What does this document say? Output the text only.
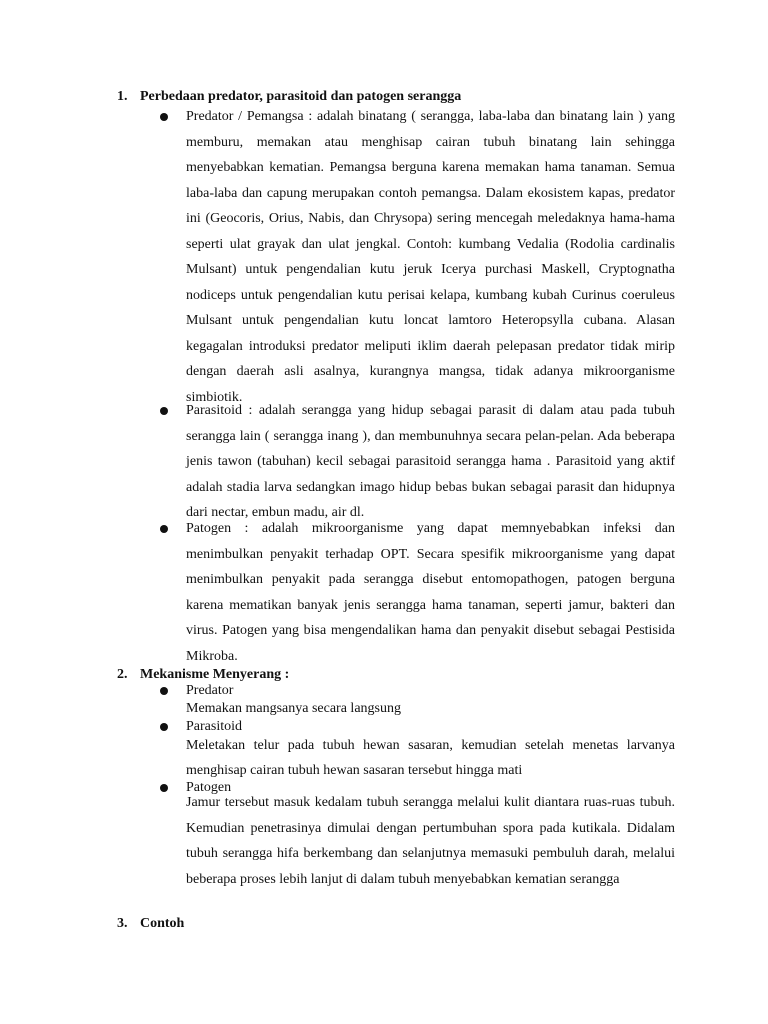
1. Perbedaan predator, parasitoid dan patogen serangga

Predator / Pemangsa : adalah binatang ( serangga, laba-laba dan binatang lain ) yang memburu, memakan atau menghisap cairan tubuh binatang lain sehingga menyebabkan kematian. Pemangsa berguna karena memakan hama tanaman. Semua laba-laba dan capung merupakan contoh pemangsa. Dalam ekosistem kapas, predator ini (Geocoris, Orius, Nabis, dan Chrysopa) sering mencegah meledaknya hama-hama seperti ulat grayak dan ulat jengkal. Contoh: kumbang Vedalia (Rodolia cardinalis Mulsant) untuk pengendalian kutu jeruk Icerya purchasi Maskell, Cryptognatha nodiceps untuk pengendalian kutu perisai kelapa, kumbang kubah Curinus coeruleus Mulsant untuk pengendalian kutu loncat lamtoro Heteropsylla cubana. Alasan kegagalan introduksi predator meliputi iklim daerah pelepasan predator tidak mirip dengan daerah asli asalnya, kurangnya mangsa, tidak adanya mikroorganisme simbiotik.

Parasitoid : adalah serangga yang hidup sebagai parasit di dalam atau pada tubuh serangga lain ( serangga inang ), dan membunuhnya secara pelan-pelan. Ada beberapa jenis tawon (tabuhan) kecil sebagai parasitoid serangga hama . Parasitoid yang aktif adalah stadia larva sedangkan imago hidup bebas bukan sebagai parasit dan hidupnya dari nectar, embun madu, air dl.

Patogen : adalah mikroorganisme yang dapat memnyebabkan infeksi dan menimbulkan penyakit terhadap OPT. Secara spesifik mikroorganisme yang dapat menimbulkan penyakit pada serangga disebut entomopathogen, patogen berguna karena mematikan banyak jenis serangga hama tanaman, seperti jamur, bakteri dan virus. Patogen yang bisa mengendalikan hama dan penyakit disebut sebagai Pestisida Mikroba.

2. Mekanisme Menyerang :

Predator

Memakan mangsanya secara langsung

Parasitoid

Meletakan telur pada tubuh hewan sasaran, kemudian setelah menetas larvanya menghisap cairan tubuh hewan sasaran tersebut hingga mati

Patogen

Jamur tersebut masuk kedalam tubuh serangga melalui kulit diantara ruas-ruas tubuh. Kemudian penetrasinya dimulai dengan pertumbuhan spora pada kutikala. Didalam tubuh serangga hifa berkembang dan selanjutnya memasuki pembuluh darah, melalui beberapa proses lebih lanjut di dalam tubuh menyebabkan kematian serangga

3. Contoh
